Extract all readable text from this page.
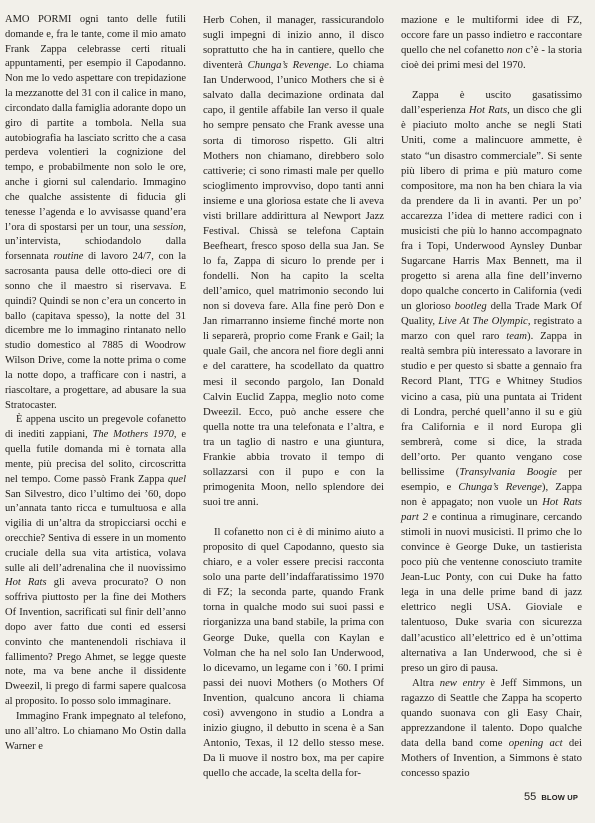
AMO PORMI ogni tanto delle futili domande e, fra le tante, come il mio amato Frank Zappa celebrasse certi rituali appuntamenti, per esempio il Capodanno. Non me lo vedo aspettare con trepidazione la mezzanotte del 31 con il calice in mano, circondato dalla famiglia adorante dopo un giro di partite a tombola. Nella sua autobiografia ha lasciato scritto che a casa perdeva volentieri la cognizione del tempo, e probabilmente non solo le ore, anche i giorni sul calendario. Immagino che qualche assistente di fiducia gli tenesse l’agenda e lo avvisasse quand’era l’ora di spostarsi per un tour, una session, un’intervista, schiodandolo dalla forsennata routine di lavoro 24/7, con la sacrosanta pausa delle otto-dieci ore di sonno che il maestro si riservava. E quindi? Quindi se non c’era un concerto in ballo (capitava spesso), la notte del 31 dicembre me lo immagino rintanato nello studio domestico al 7885 di Woodrow Wilson Drive, come la notte prima o come la notte dopo, a trafficare con i nastri, a riascoltare, a progettare, ad abusare la sua Stratocaster.

È appena uscito un pregevole cofanetto di inediti zappiani, The Mothers 1970, e quella futile domanda mi è tornata alla mente, più precisa del solito, circoscritta nel tempo. Come passò Frank Zappa quel San Silvestro, dico l’ultimo dei ’60, dopo un’annata tanto ricca e tumultuosa e alla vigilia di un’altra da stropicciarsi occhi e orecchie? Sentiva di essere in un momento cruciale della sua vita artistica, volava sulle ali dell’adrenalina che il nuovissimo Hot Rats gli aveva procurato? O non soffriva piuttosto per la fine dei Mothers Of Invention, sacrificati sul finir dell’anno dopo aver fatto due conti ed essersi convinto che mantenendoli rischiava il fallimento? Prego Ahmet, se legge queste note, ma va bene anche il dissidente Dweezil, li prego di farmi sapere qualcosa al proposito. Io posso solo immaginare.

Immagino Frank impegnato al telefono, uno all’altro. Lo chiamano Mo Ostin dalla Warner e

Herb Cohen, il manager, rassicurandolo sugli impegni di inizio anno, il disco soprattutto che ha in cantiere, quello che diventerà Chunga’s Revenge. Lo chiama Ian Underwood, l’unico Mothers che si è salvato dalla decimazione ordinata dal capo, il gentile affabile Ian verso il quale ho sempre pensato che Frank avesse una sorta di timoroso rispetto. Gli altri Mothers non chiamano, direbbero solo cattiverie; ci sono rimasti male per quello scioglimento improvviso, dopo tanti anni insieme e una gloriosa estate che li aveva visti brillare addirittura al Newport Jazz Festival. Chissà se telefona Captain Beefheart, fresco sposo della sua Jan. Se lo fa, Zappa di sicuro lo prende per i fondelli. Non ha capito la scelta dell’amico, quel matrimonio secondo lui non si doveva fare. Alla fine però Don e Jan rimarranno insieme finché morte non li separerà, proprio come Frank e Gail; la quale Gail, che ancora nel fiore degli anni e del carattere, ha scodellato da quattro mesi il secondo pargolo, Ian Donald Calvin Euclid Zappa, meglio noto come Dweezil. Ecco, può anche essere che quella notte tra una telefonata e l’altra, e tra un taglio di nastro e una giuntura, Frankie abbia trovato il tempo di sollazzarsi con il pupo e con la primogenita Moon, nello splendore dei suoi tre anni.

Il cofanetto non ci è di minimo aiuto a proposito di quel Capodanno, questo sia chiaro, e a voler essere precisi racconta solo una parte dell’indaffaratissimo 1970 di FZ; la seconda parte, quando Frank torna in qualche modo sui suoi passi e riorganizza una band stabile, la prima con George Duke, quella con Kaylan e Volman che ha nel solo Ian Underwood, lo dicevamo, un legame con i ’60. I primi passi dei nuovi Mothers (o Mothers Of Invention, qualcuno ancora li chiama così) avvengono in studio a Londra a inizio giugno, il debutto in scena è a San Antonio, Texas, il 12 dello stesso mese. Da lì muove il nostro box, ma per capire quello che accade, la scelta della for-

mazione e le multiformi idee di FZ, occore fare un passo indietro e raccontare quello che nel cofanetto non c’è - la storia cioè dei primi mesi del 1970.

Zappa è uscito gasatissimo dall’esperienza Hot Rats, un disco che gli è piaciuto molto anche se negli Stati Uniti, come a malincuore ammette, è stato “un disastro commerciale”. Si sente più libero di prima e più maturo come compositore, ma non ha ben chiara la via da prendere da lì in avanti. Per un po’ accarezza l’idea di mettere radici con i musicisti che più lo hanno accompagnato fra i Topi, Underwood Aynsley Dunbar Sugarcane Harris Max Bennett, ma il progetto si arena alla fine dell’inverno dopo qualche concerto in California (vedi un glorioso bootleg della Trade Mark Of Quality, Live At The Olympic, registrato a marzo con quel raro team). Zappa in realtà sembra più interessato a lavorare in studio e per questo si sbatte a gennaio fra Record Plant, TTG e Whitney Studios vicino a casa, più una puntata ai Trident di Londra, perché quell’anno il su e giù fra California e il nord Europa gli sembrerà, come si dice, la strada dell’orto. Per quanto vengano cose bellissime (Transylvania Boogie per esempio, e Chunga’s Revenge), Zappa non è appagato; non vuole un Hot Rats part 2 e continua a rimuginare, cercando stimoli in nuovi musicisti. Il primo che lo convince è George Duke, un tastierista poco più che ventenne conosciuto tramite Jean-Luc Ponty, con cui Duke ha fatto lega in una delle prime band di jazz elettrico negli USA. Gioviale e talentuoso, Duke svaria con sicurezza dall’acustico all’elettrico ed è un’ottima alternativa a Ian Underwood, che si è preso un giro di pausa.

Altra new entry è Jeff Simmons, un ragazzo di Seattle che Zappa ha scoperto quando suonava con gli Easy Chair, apprezzandone il talento. Dopo qualche data della band come opening act dei Mothers of Invention, a Simmons è stato concesso spazio

55 BLOW UP
